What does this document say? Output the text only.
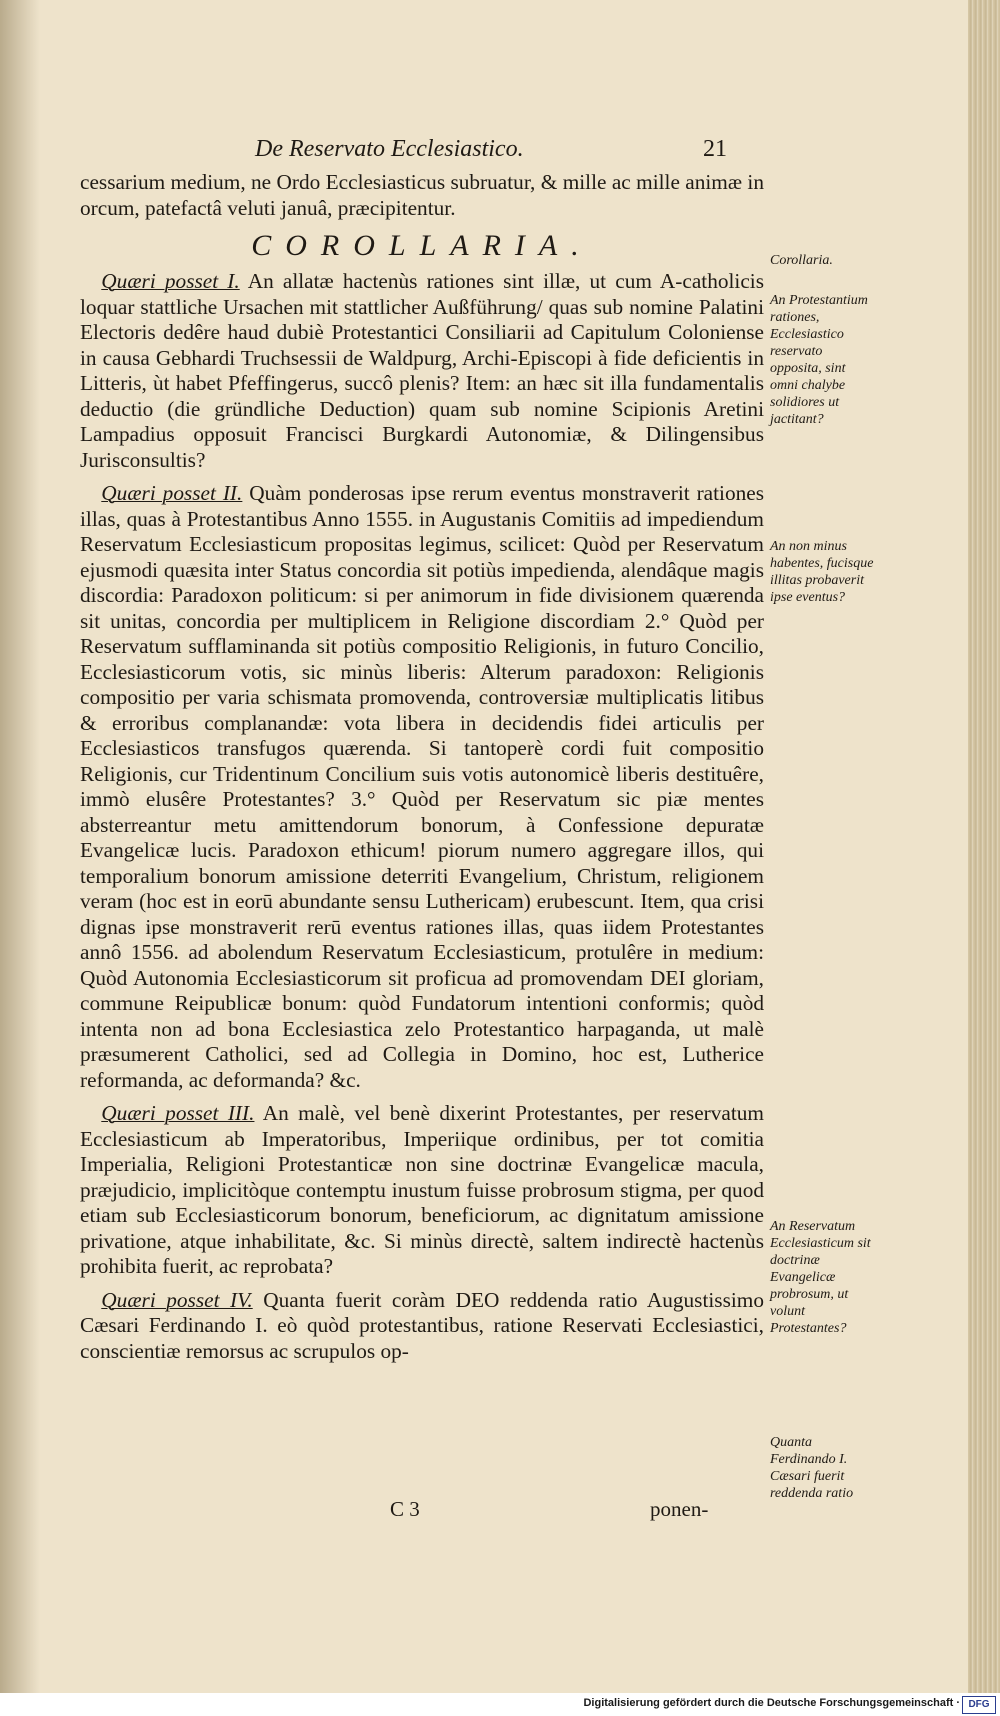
De Reservato Ecclesiastico.	21

cessarium medium, ne Ordo Ecclesiasticus subruatur, & mille ac mille animæ in orcum, patefactâ veluti januâ, præcipitentur.

COROLLARIA.

 Quæri posset I. An allatæ hactenùs rationes sint illæ, ut cum A-catholicis loquar stattliche Ursachen mit stattlicher Außführung/ quas sub nomine Palatini Electoris dedêre haud dubiè Protestantici Consiliarii ad Capitulum Coloniense in causa Gebhardi Truchsessii de Waldpurg, Archi-Episcopi à fide deficientis in Litteris, ùt habet Pfeffingerus, succô plenis? Item: an hæc sit illa fundamentalis deductio (die gründliche Deduction) quam sub nomine Scipionis Aretini Lampadius opposuit Francisci Burgkardi Autonomiæ, & Dilingensibus Jurisconsultis?

 Quæri posset II. Quàm ponderosas ipse rerum eventus monstraverit rationes illas, quas à Protestantibus Anno 1555. in Augustanis Comitiis ad impediendum Reservatum Ecclesiasticum propositas legimus, scilicet: Quòd per Reservatum ejusmodi quæsita inter Status concordia sit potiùs impedienda, alendâque magis discordia: Paradoxon politicum: si per animorum in fide divisionem quærenda sit unitas, concordia per multiplicem in Religione discordiam 2.° Quòd per Reservatum sufflaminanda sit potiùs compositio Religionis, in futuro Concilio, Ecclesiasticorum votis, sic minùs liberis: Alterum paradoxon: Religionis compositio per varia schismata promovenda, controversiæ multiplicatis litibus & erroribus complanandæ: vota libera in decidendis fidei articulis per Ecclesiasticos transfugos quærenda. Si tantoperè cordi fuit compositio Religionis, cur Tridentinum Concilium suis votis autonomicè liberis destituêre, immò elusêre Protestantes? 3.° Quòd per Reservatum sic piæ mentes absterreantur metu amittendorum bonorum, à Confessione depuratæ Evangelicæ lucis. Paradoxon ethicum! piorum numero aggregare illos, qui temporalium bonorum amissione deterriti Evangelium, Christum, religionem veram (hoc est in eorū abundante sensu Luthericam) erubescunt. Item, qua crisi dignas ipse monstraverit rerū eventus rationes illas, quas iidem Protestantes annô 1556. ad abolendum Reservatum Ecclesiasticum, protulêre in medium: Quòd Autonomia Ecclesiasticorum sit proficua ad promovendam DEI gloriam, commune Reipublicæ bonum: quòd Fundatorum intentioni conformis; quòd intenta non ad bona Ecclesiastica zelo Protestantico harpaganda, ut malè præsumerent Catholici, sed ad Collegia in Domino, hoc est, Lutherice reformanda, ac deformanda? &c.

 Quæri posset III. An malè, vel benè dixerint Protestantes, per reservatum Ecclesiasticum ab Imperatoribus, Imperiique ordinibus, per tot comitia Imperialia, Religioni Protestanticæ non sine doctrinæ Evangelicæ macula, præjudicio, implicitòque contemptu inustum fuisse probrosum stigma, per quod etiam sub Ecclesiasticorum bonorum, beneficiorum, ac dignitatum amissione privatione, atque inhabilitate, &c. Si minùs directè, saltem indirectè hactenùs prohibita fuerit, ac reprobata?

 Quæri posset IV. Quanta fuerit coràm DEO reddenda ratio Augustissimo Cæsari Ferdinando I. eò quòd protestantibus, ratione Reservati Ecclesiastici, conscientiæ remorsus ac scrupulos op-

Corollaria.
An Protestantium rationes, Ecclesiastico reservato opposita, sint omni chalybe solidiores ut jactitant?
An non minus habentes, fucisque illitas probaverit ipse eventus?
An Reservatum Ecclesiasticum sit doctrinæ Evangelicæ probrosum, ut volunt Protestantes?
Quanta Ferdinando I. Cæsari fuerit reddenda ratio
C 3	ponen-
Digitalisierung gefördert durch die Deutsche Forschungsgemeinschaft · DFG
